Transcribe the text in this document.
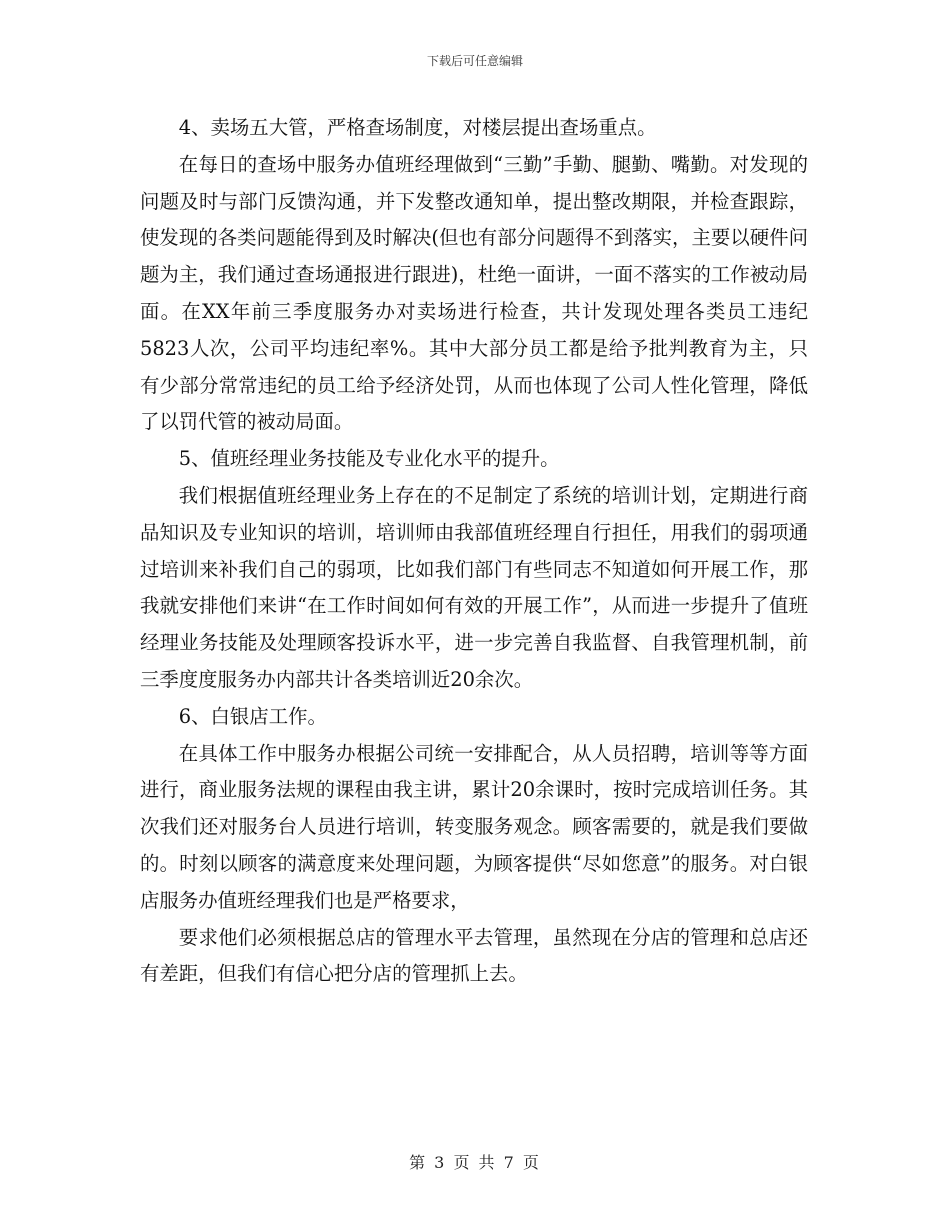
下载后可任意编辑

4、卖场五大管，严格查场制度，对楼层提出查场重点。

在每日的查场中服务办值班经理做到“三勤”手勤、腿勤、嘴勤。对发现的问题及时与部门反馈沟通，并下发整改通知单，提出整改期限，并检查跟踪，使发现的各类问题能得到及时解决(但也有部分问题得不到落实，主要以硬件问题为主，我们通过查场通报进行跟进)，杜绝一面讲，一面不落实的工作被动局面。在XX年前三季度服务办对卖场进行检查，共计发现处理各类员工违纪5823人次，公司平均违纪率%。其中大部分员工都是给予批判教育为主，只有少部分常常违纪的员工给予经济处罚，从而也体现了公司人性化管理，降低了以罚代管的被动局面。

5、值班经理业务技能及专业化水平的提升。

我们根据值班经理业务上存在的不足制定了系统的培训计划，定期进行商品知识及专业知识的培训，培训师由我部值班经理自行担任，用我们的弱项通过培训来补我们自己的弱项，比如我们部门有些同志不知道如何开展工作，那我就安排他们来讲“在工作时间如何有效的开展工作”，从而进一步提升了值班经理业务技能及处理顾客投诉水平，进一步完善自我监督、自我管理机制，前三季度度服务办内部共计各类培训近20余次。

6、白银店工作。

在具体工作中服务办根据公司统一安排配合，从人员招聘，培训等等方面进行，商业服务法规的课程由我主讲，累计20余课时，按时完成培训任务。其次我们还对服务台人员进行培训，转变服务观念。顾客需要的，就是我们要做的。时刻以顾客的满意度来处理问题，为顾客提供“尽如您意”的服务。对白银店服务办值班经理我们也是严格要求，

要求他们必须根据总店的管理水平去管理，虽然现在分店的管理和总店还有差距，但我们有信心把分店的管理抓上去。

第 3 页 共 7 页
